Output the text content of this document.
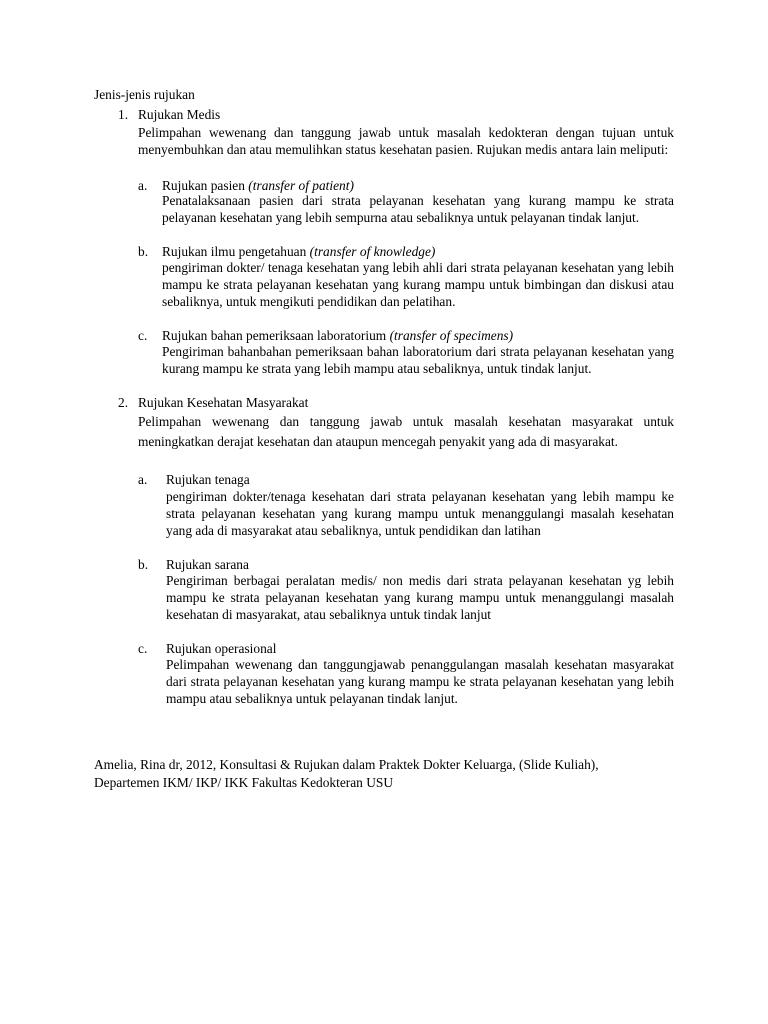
Jenis-jenis rujukan
1. Rujukan Medis
Pelimpahan wewenang dan tanggung jawab untuk masalah kedokteran dengan tujuan untuk menyembuhkan dan atau memulihkan status kesehatan pasien. Rujukan medis antara lain meliputi:
a. Rujukan pasien (transfer of patient)
Penatalaksanaan pasien dari strata pelayanan kesehatan yang kurang mampu ke strata pelayanan kesehatan yang lebih sempurna atau sebaliknya untuk pelayanan tindak lanjut.
b. Rujukan ilmu pengetahuan (transfer of knowledge)
pengiriman dokter/ tenaga kesehatan yang lebih ahli dari strata pelayanan kesehatan yang lebih mampu ke strata pelayanan kesehatan yang kurang mampu untuk bimbingan dan diskusi atau sebaliknya, untuk mengikuti pendidikan dan pelatihan.
c. Rujukan bahan pemeriksaan laboratorium (transfer of specimens)
Pengiriman bahanbahan pemeriksaan bahan laboratorium dari strata pelayanan kesehatan yang kurang mampu ke strata yang lebih mampu atau sebaliknya, untuk tindak lanjut.
2. Rujukan Kesehatan Masyarakat
Pelimpahan wewenang dan tanggung jawab untuk masalah kesehatan masyarakat untuk meningkatkan derajat kesehatan dan ataupun mencegah penyakit yang ada di masyarakat.
a. Rujukan tenaga
pengiriman dokter/tenaga kesehatan dari strata pelayanan kesehatan yang lebih mampu ke strata pelayanan kesehatan yang kurang mampu untuk menanggulangi masalah kesehatan yang ada di masyarakat atau sebaliknya, untuk pendidikan dan latihan
b. Rujukan sarana
Pengiriman berbagai peralatan medis/ non medis dari strata pelayanan kesehatan yg lebih mampu ke strata pelayanan kesehatan yang kurang mampu untuk menanggulangi masalah kesehatan di masyarakat, atau sebaliknya untuk tindak lanjut
c. Rujukan operasional
Pelimpahan wewenang dan tanggungjawab penanggulangan masalah kesehatan masyarakat dari strata pelayanan kesehatan yang kurang mampu ke strata pelayanan kesehatan yang lebih mampu atau sebaliknya untuk pelayanan tindak lanjut.
Amelia, Rina dr, 2012, Konsultasi & Rujukan dalam Praktek Dokter Keluarga, (Slide Kuliah), Departemen IKM/ IKP/ IKK Fakultas Kedokteran USU
